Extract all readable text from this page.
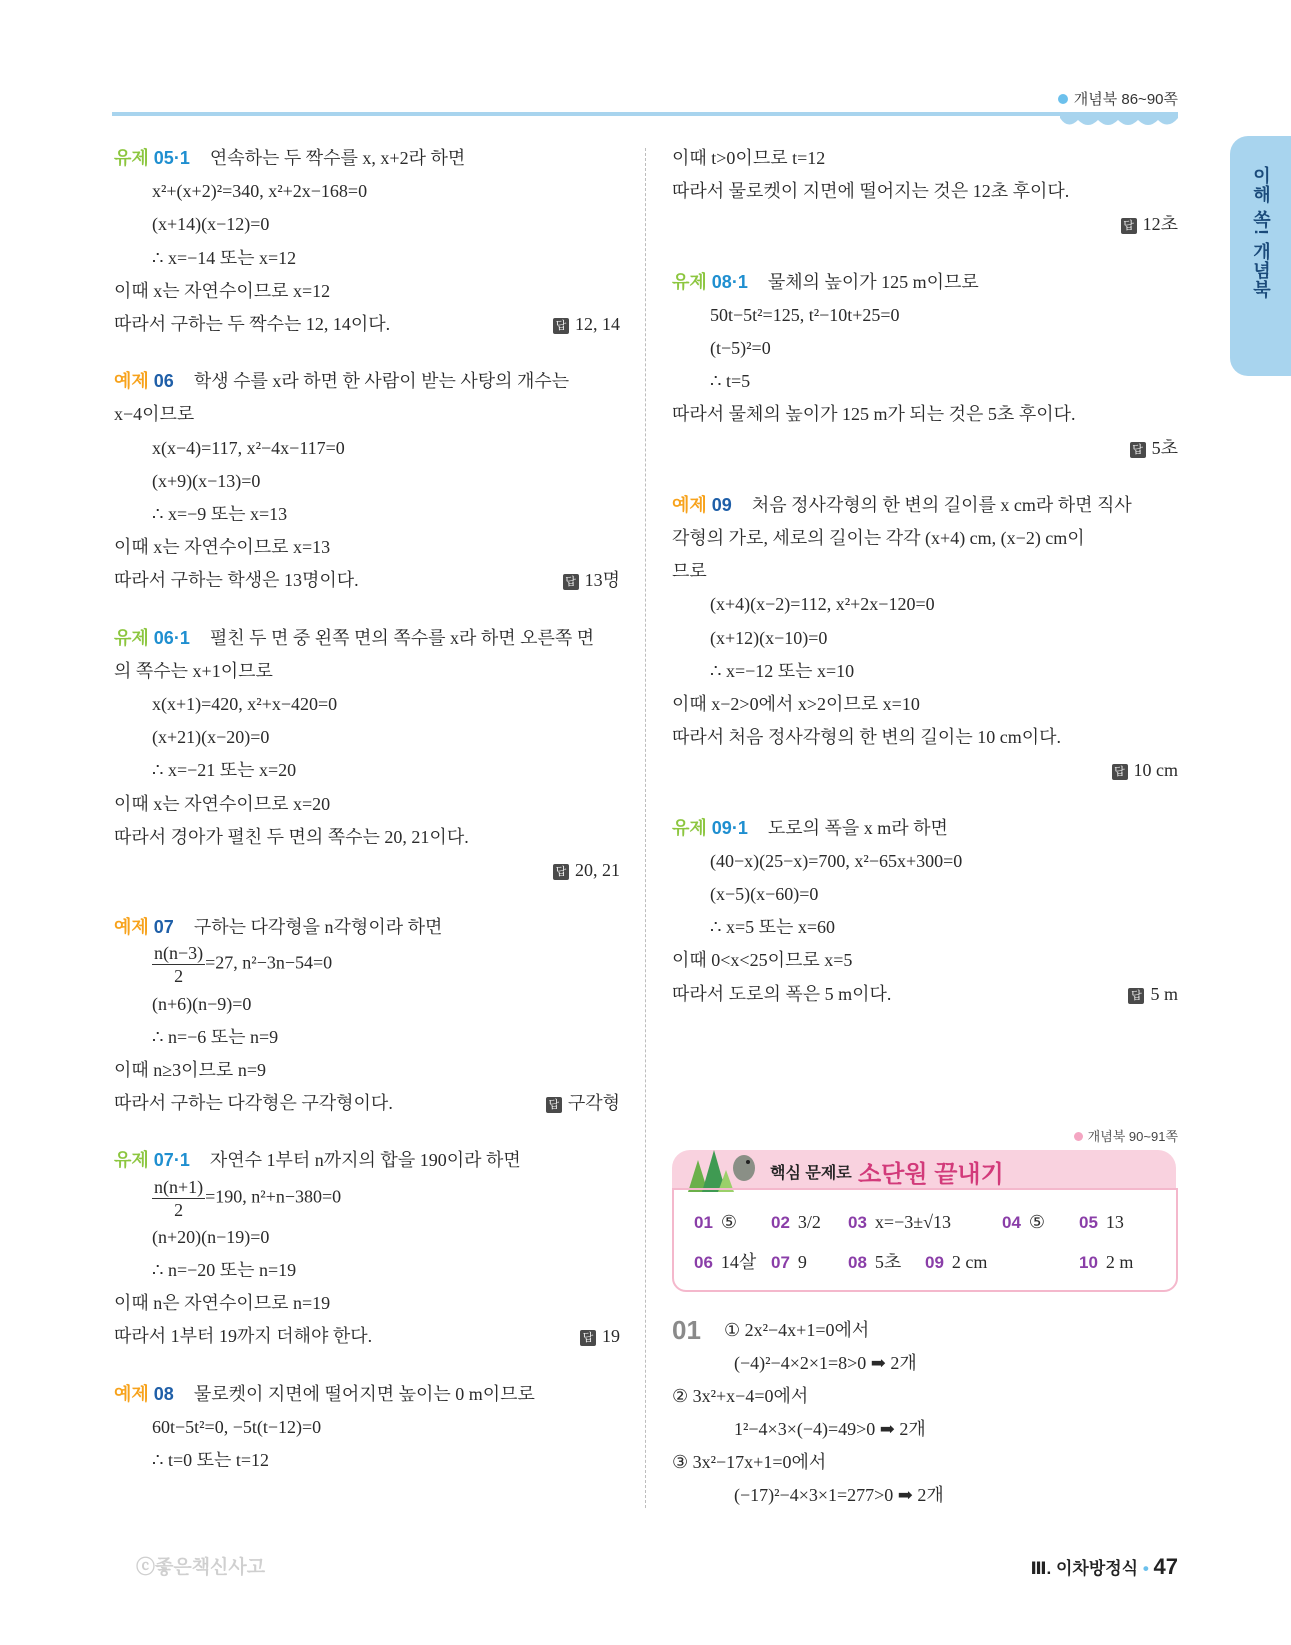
개념북 86~90쪽
이해 쏙! 개념북
유제 05·1 연속하는 두 짝수를 x, x+2라 하면
x²+(x+2)²=340, x²+2x−168=0
(x+14)(x−12)=0
∴ x=−14 또는 x=12
이때 x는 자연수이므로 x=12
따라서 구하는 두 짝수는 12, 14이다.	답 12, 14
예제 06 학생 수를 x라 하면 한 사람이 받는 사탕의 개수는
x−4이므로
x(x−4)=117, x²−4x−117=0
(x+9)(x−13)=0
∴ x=−9 또는 x=13
이때 x는 자연수이므로 x=13
따라서 구하는 학생은 13명이다.	답 13명
유제 06·1 펼친 두 면 중 왼쪽 면의 쪽수를 x라 하면 오른쪽 면
의 쪽수는 x+1이므로
x(x+1)=420, x²+x−420=0
(x+21)(x−20)=0
∴ x=−21 또는 x=20
이때 x는 자연수이므로 x=20
따라서 경아가 펼친 두 면의 쪽수는 20, 21이다.
답 20, 21
예제 07 구하는 다각형을 n각형이라 하면
$\frac{n(n-3)}{2} =27$, n²−3n−54=0
(n+6)(n−9)=0
∴ n=−6 또는 n=9
이때 n≥3이므로 n=9
따라서 구하는 다각형은 구각형이다.	답 구각형
유제 07·1 자연수 1부터 n까지의 합을 190이라 하면
$\frac{n(n+1)}{2} =190$, n²+n−380=0
(n+20)(n−19)=0
∴ n=−20 또는 n=19
이때 n은 자연수이므로 n=19
따라서 1부터 19까지 더해야 한다.	답 19
예제 08 물로켓이 지면에 떨어지면 높이는 0 m이므로
60t−5t²=0, −5t(t−12)=0
∴ t=0 또는 t=12
이때 t>0이므로 t=12
따라서 물로켓이 지면에 떨어지는 것은 12초 후이다.
답 12초
유제 08·1 물체의 높이가 125 m이므로
50t−5t²=125, t²−10t+25=0
(t−5)²=0
∴ t=5
따라서 물체의 높이가 125 m가 되는 것은 5초 후이다.
답 5초
예제 09 처음 정사각형의 한 변의 길이를 x cm라 하면 직사
각형의 가로, 세로의 길이는 각각 (x+4) cm, (x−2) cm이
므로
(x+4)(x−2)=112, x²+2x−120=0
(x+12)(x−10)=0
∴ x=−12 또는 x=10
이때 x−2>0에서 x>2이므로 x=10
따라서 처음 정사각형의 한 변의 길이는 10 cm이다.
답 10 cm
유제 09·1 도로의 폭을 x m라 하면
(40−x)(25−x)=700, x²−65x+300=0
(x−5)(x−60)=0
∴ x=5 또는 x=60
이때 0<x<25이므로 x=5
따라서 도로의 폭은 5 m이다.	답 5 m
개념북 90~91쪽
핵심 문제로 소단원 끝내기
01 ⑤ 02 3/2 03 x=−3±√13	04 ⑤ 05 13
06 14살 07 9 08 5초 09 2 cm	10 2 m
01 ① 2x²−4x+1=0에서
(−4)²−4×2×1=8>0 ➡ 2개
② 3x²+x−4=0에서
1²−4×3×(−4)=49>0 ➡ 2개
③ 3x²−17x+1=0에서
(−17)²−4×3×1=277>0 ➡ 2개
ⓒ좋은책신사고	Ⅲ. 이차방정식 • 47
